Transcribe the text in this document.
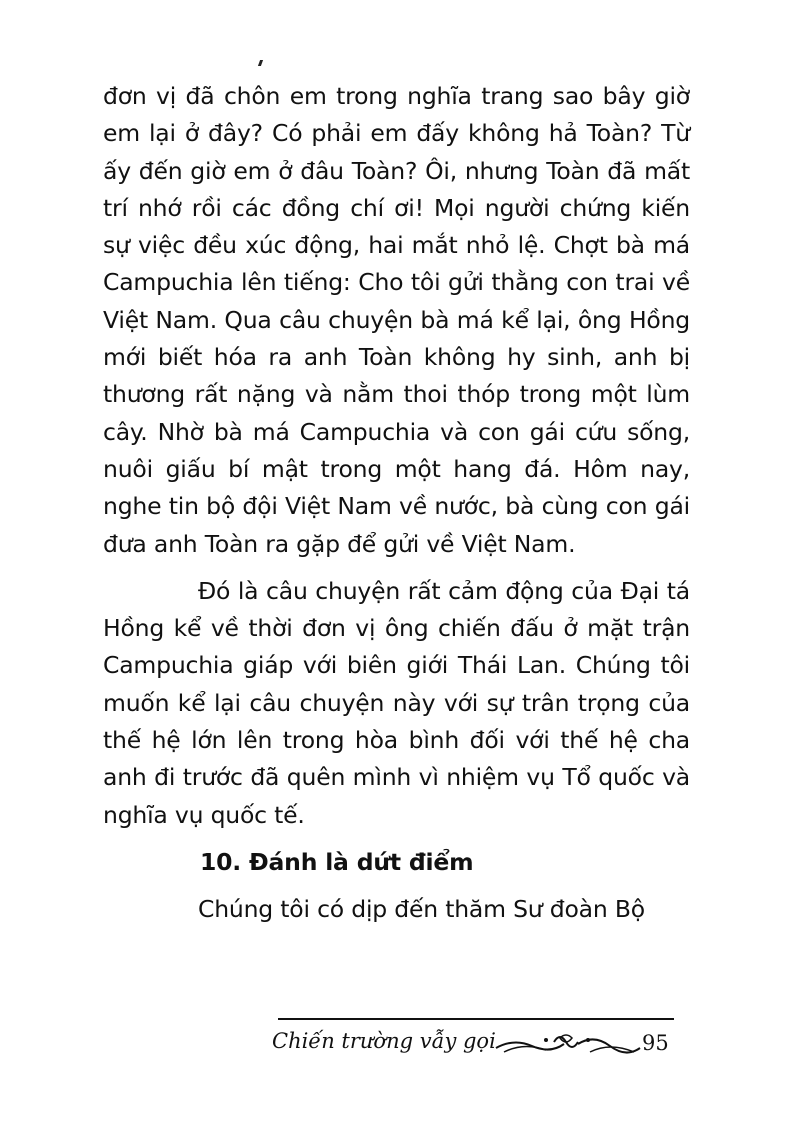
đơn vị đã chôn em trong nghĩa trang sao bây giờ em lại ở đây? Có phải em đấy không hả Toàn? Từ ấy đến giờ em ở đâu Toàn? Ôi, nhưng Toàn đã mất trí nhớ rồi các đồng chí ơi! Mọi người chứng kiến sự việc đều xúc động, hai mắt nhỏ lệ. Chợt bà má Campuchia lên tiếng: Cho tôi gửi thằng con trai về Việt Nam. Qua câu chuyện bà má kể lại, ông Hồng mới biết hóa ra anh Toàn không hy sinh, anh bị thương rất nặng và nằm thoi thóp trong một lùm cây. Nhờ bà má Campuchia và con gái cứu sống, nuôi giấu bí mật trong một hang đá. Hôm nay, nghe tin bộ đội Việt Nam về nước, bà cùng con gái đưa anh Toàn ra gặp để gửi về Việt Nam.

Đó là câu chuyện rất cảm động của Đại tá Hồng kể về thời đơn vị ông chiến đấu ở mặt trận Campuchia giáp với biên giới Thái Lan. Chúng tôi muốn kể lại câu chuyện này với sự trân trọng của thế hệ lớn lên trong hòa bình đối với thế hệ cha anh đi trước đã quên mình vì nhiệm vụ Tổ quốc và nghĩa vụ quốc tế.

10. Đánh là dứt điểm

Chúng tôi có dịp đến thăm Sư đoàn Bộ

Chiến trường vẫy gọi	95
